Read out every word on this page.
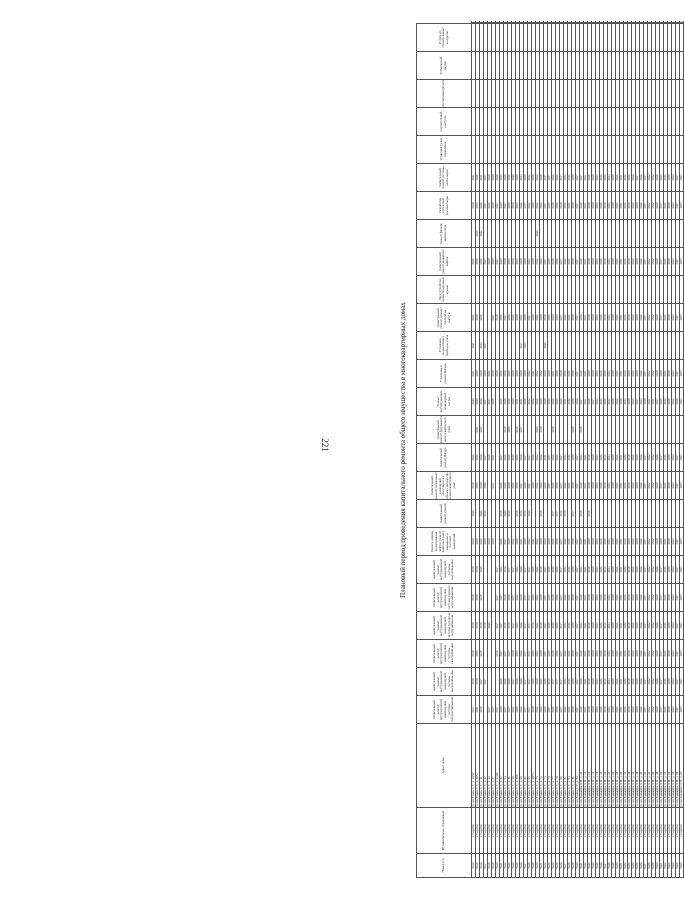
221	Плановый период проведения капитального ремонта общего имущества в многоквартирных домах
Номер п/п	Муниципальное образование	Адрес дома	Капитальный ремонт внутридомовой инженерной системы электроснабжения	Капитальный ремонт внутридомовой инженерной системы теплоснабжения	Капитальный ремонт внутридомовой инженерной системы газоснабжения	Капитальный ремонт внутридомовой инженерной системы холодного водоснабжения	Капитальный ремонт внутридомовой инженерной системы горячего водоснабжения	Капитальный ремонт внутридомовой инженерной системы водоотведения	Ремонт, замена, модернизация лифтов, ремонт лифтовых шахт, машинных и блочных помещений	Капитальный ремонт крыши	Капитальный ремонт подвальных помещений, относящихся к общему имуществу в многоквартирном доме	Капитальный ремонт фасада	Капитальный ремонт фундамента многоквартирного дома	Ремонт внутридомовых инженерных систем	Утепление и ремонт фасада	Установка коллективных приборов учета	Капитальный ремонт крыши с плоской на скатную	Переустройство невентилируемой крыши	Капитальный ремонт пожарных лифтов	Ремонт фасада, замена окон	Разработка проектной документации	Капитальный ремонт системы вентиляции	Установка узлов управления	Строительный контроль	Экспертиза проекта	Технический надзор	Услуги по строительному контролю	
9414	г. Саратов	ул. им Разина С.Т., д. 38/40	2017	2018	2018	2018	2018	2018	2020	2016	2018	2026		2040	2021	2041	2026		2026		2028	2041								
9415	г. Саратов	ул. им Разина С.Т., д. 39А	2031	2018	2035	2018	2018	2018	2020		2035	2036	2031	2040	2020		2030		2026	2035	2033	2036								
9416	г. Саратов	ул. им Разина С.Т., д. 41	2020	2027	2019	2018	2018	2018	2026	2026	2028	2028	2032	2036	2028	2033	2026		2030	2032	2026	2031								
9417	г. Саратов	ул. им Разина С.Т., д. 42		2027		2019			2020	2016	2024	2027		2027	2020	2027			2027		2027	2027								
9418	г. Саратов	ул. им Разина С.Т., д. 43	2017			2026			2020			2029		2037	2024				2028		2026	2028								
9419	г. Саратов	ул. им Разина С.Т., д. 47	2017						2020		2017	2021		2029	2018		2027		2029		2029	2020								
9420	г. Саратов	ул. им Разина С.Т., д. 47/49	2017		2016	2017	2017	2017							2028		2018		2027		2027	2028								
9421	г. Саратов	ул. им Разина С.Т., д. 52	2020	2020	2027	2027	2027	2022	2026	2016	2026	2027		2035	2032		2024		2023		2023	2035								
9422	г. Саратов	ул. им Разина С.Т., д. 54	2017	2026	2017	2019	2016	2016	2027	2020	2026	2026	2019	2028	2026		2027		2028		2027	2028								
9423	г. Саратов	ул. им Разина С.Т., д. 56	2017	2028	2017	2019	2016	2017	2028	2016	2028	2029	2020	2036	2025		2036		2035		2030	2036								
9424	г. Саратов	ул. им Разина С.Т., д. 58	2032	2027	2038	2017	2017	2017	2022		2026	2039		2020	2028		2026		2026		2026	2040								
9425	г. Саратов	ул. им Разина С.Т., д. 58А	2025	2020	2025	2023	2022	2022	2026	2016	2026	2026	2019	2031	2028		2028		2023		2023	2029								
9426	г. Саратов	ул. им Разина С.Т., д. 60	2022	2020	2022	2024	2020	2020	2021	2016	2027	2028	2017	2031	2028	2017	2032		2028		2024	2033								
9427	г. Саратов	ул. им Разина С.Т., д. 62	2017	2017	2017	2017	2017	2017	2020	2016	2026	2027		2029	2020	2023	2020		2020		2017	2029								
9428	г. Саратов	ул. им Разина С.Т., д. 65	2017	2017	2017	2017	2017	2017	2022	2016	2027	2027		2032	2022		2027		2022		2022	2032								
9429	г. Саратов	ул. им Разина С.Т., д. 68/72	2028	2028	2025	2016	2025	2025	2021		2026	2026		2024	2021		2026		2028		2026	2026								
9430	г. Саратов	ул. им Разина С.Т., д. 70	2022	2020	2022	2022	2022	2022	2022		2022	2022	2020	2026	2022		2024		2022	2026	2024	2024								
9431	г. Саратов	ул. им Разина С.Т., д. 72	2024	2025	2028	2019	2019	2019	2020	2016	2024	2024	2018	2028	2022		2028		2024		2024	2028								
9432	г. Саратов	ул. им Разина С.Т., д. 73	2030	2030	2027	2027	2027	2027	2020		2030	2031		2029	2020	2036	2030		2027		2027	2037								
9433	г. Саратов	ул. им Разина С.Т., д. 75	2037	2016	2035	2035	2035	2035	2020		2037	2037		2034	2020		2035		2035		2035	2037								
9434	г. Саратов	ул. им Разина С.Т., д. 77	2026	2017	2030	2030	2030	2030	2026	2017	2026	2026	2020	2026	2031		2020		2030		2030	2026								
9435	г. Саратов	ул. им Разина С.Т., д. 78	2026	2017	2026	2026	2026	2026	2026	2017	2026	2026		2025	2026		2026		2026		2026	2026								
9436	г. Саратов	ул. им Разина С.Т., д. 80	2017	2017	2017	2017	2017	2017	2017	2016	2017	2027		2028	2018		2017		2017		2018	2017								
9437	г. Саратов	ул. им Разина С.Т., д. 82	2032	2032	2032	2032	2032	2032	2032	2018	2032	2032		2031	2032		2032		2032		2032	2032								
9438	г. Саратов	ул. им Разина С.Т., д. 84	2035	2035	2035	2035	2035	2035	2035		2035	2035		2034	2035		2035		2035		2035	2035								
9439	г. Саратов	ул. им Разина С.Т., д. 86	2030	2030	2030	2030	2030	2030	2029	2017	2030	2030	2020	2030	2029		2030		2030		2030	2030								
9440	г. Саратов	ул. им Разина С.Т., д. 88	2027	2027	2027	2027	2027	2027	2027		2027	2027		2026	2027		2027		2027		2027	2027								
9441	г. Саратов	ул. им Радищева А.Н., д. 10	2022	2020	2022	2022	2022	2022	2020	2016	2022	2022	2018	2027	2022		2024		2022		2022	2027								
9442	г. Саратов	ул. им Радищева А.Н., д. 12	2021	2021	2021	2021	2021	2021	2021		2021	2021		2021	2021		2021		2021		2021	2021								
9443	г. Саратов	ул. им Радищева А.Н., д. 14	2019	2019	2019	2019	2019	2019	2020	2016	2019	2019		2025	2020		2019		2019		2019	2025								
9444	г. Саратов	ул. им Радищева А.Н., д. 16	2028	2028	2028	2028	2028	2028	2028		2028	2028		2027	2028		2028		2028		2028	2028								
9445	г. Саратов	ул. им Радищева А.Н., д. 18	2023	2023	2023	2023	2023	2023	2023		2023	2023		2022	2023		2023		2023		2023	2023								
9446	г. Саратов	ул. им Радищева А.Н., д. 20	2036	2036	2036	2036	2036	2036	2036		2036	2036		2035	2036		2036		2036		2036	2036								
9447	г. Саратов	ул. им Радищева А.Н., д. 22	2016	2016	2016	2016	2016	2016	2020		2016	2016		2024	2020		2016		2016		2016	2024								
9448	г. Саратов	ул. им Радищева А.Н., д. 24	2033	2033	2033	2033	2033	2033	2033		2033	2033		2032	2033		2033		2033		2033	2033								
9449	г. Саратов	ул. им Радищева А.Н., д. 26	2029	2029	2029	2029	2029	2029	2029		2029	2029		2028	2029		2029		2029		2029	2029								
9450	г. Саратов	ул. им Радищева А.Н., д. 28	2025	2025	2025	2025	2025	2025	2025		2025	2025		2024	2025		2025		2025		2025	2025								
9451	г. Саратов	ул. им Радищева А.Н., д. 30	2031	2031	2031	2031	2031	2031	2031		2031	2031		2030	2031		2031		2031		2031	2031								
9452	г. Саратов	ул. им Радищева А.Н., д. 32	2034	2034	2034	2034	2034	2034	2034		2034	2034		2033	2034		2034		2034		2034	2034								
9453	г. Саратов	ул. им Радищева А.Н., д. 34	2018	2018	2018	2018	2018	2018	2020		2018	2018		2026	2020		2018		2018		2018	2026								
9454	г. Саратов	ул. им Радищева А.Н., д. 36	2026	2026	2026	2026	2026	2026	2026		2026	2026		2025	2026		2026		2026		2026	2026								
9455	г. Саратов	ул. им Радищева А.Н., д. 38	2020	2020	2020	2020	2020	2020	2020		2020	2020		2027	2020		2020		2020		2020	2027								
9456	г. Саратов	ул. им Радищева А.Н., д. 40	2024	2024	2024	2024	2024	2024	2024		2024	2024		2023	2024		2024		2024		2024	2024								
9457	г. Саратов	ул. им Радищева А.Н., д. 42	2037	2037	2037	2037	2037	2037	2037		2037	2037		2036	2037		2037		2037		2037	2037								
9458	г. Саратов	ул. им Радищева А.Н., д. 44	2022	2022	2022	2022	2022	2022	2022		2022	2022		2021	2022		2022		2022		2022	2022								
9459	г. Саратов	ул. им Радищева А.Н., д. 46	2032	2032	2032	2032	2032	2032	2032		2032	2032		2031	2032		2032		2032		2032	2032								
9460	г. Саратов	ул. им Радищева А.Н., д. 48	2028	2028	2028	2028	2028	2028	2028		2028	2028		2027	2028		2028		2028		2028	2028								
9461	г. Саратов	ул. им Радищева А.Н., д. 50	2017	2017	2017	2017	2017	2017	2020		2017	2017		2025	2020		2017		2017		2017	2025								
9462	г. Саратов	ул. им Радищева А.Н., д. 52	2035	2035	2035	2035	2035	2035	2035		2035	2035		2034	2035		2035		2035		2035	2035								
9463	г. Саратов	ул. им Радищева А.Н., д. 54	2030	2030	2030	2030	2030	2030	2030		2030	2030		2029	2030		2030		2030		2030	2030								
9464	г. Саратов	ул. им Радищева А.Н., д. 56	2023	2023	2023	2023	2023	2023	2023		2023	2023		2022	2023		2023		2023		2023	2023								
9465	г. Саратов	ул. им Радищева А.Н., д. 58	2027	2027	2027	2027	2027	2027	2027		2027	2027		2026	2027		2027		2027		2027	2027								
9466	г. Саратов	ул. им Радищева А.Н., д. 60	2033	2033	2033	2033	2033	2033	2033		2033	2033		2032	2033		2033		2033		2033	2033								
